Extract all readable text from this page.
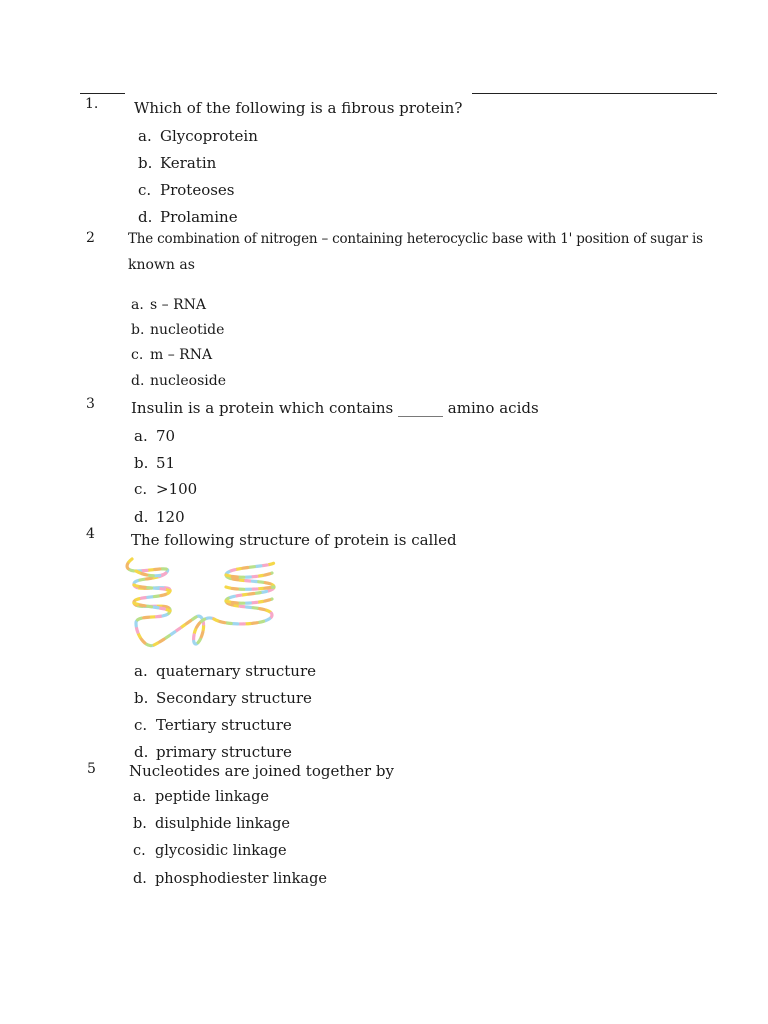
1. Which of the following is a fibrous protein?
a. Glycoprotein
b. Keratin
c. Proteoses
d. Prolamine
2 The combination of nitrogen – containing heterocyclic base with 1' position of sugar is
known as
a. s – RNA
b. nucleotide
c. m – RNA
d. nucleoside
3 Insulin is a protein which contains ______ amino acids
a. 70
b. 51
c. >100
d. 120
4 The following structure of protein is called
a. quaternary structure
b. Secondary structure
c. Tertiary structure
d. primary structure
5 Nucleotides are joined together by
a. peptide linkage
b. disulphide linkage
c. glycosidic linkage
d. phosphodiester linkage
